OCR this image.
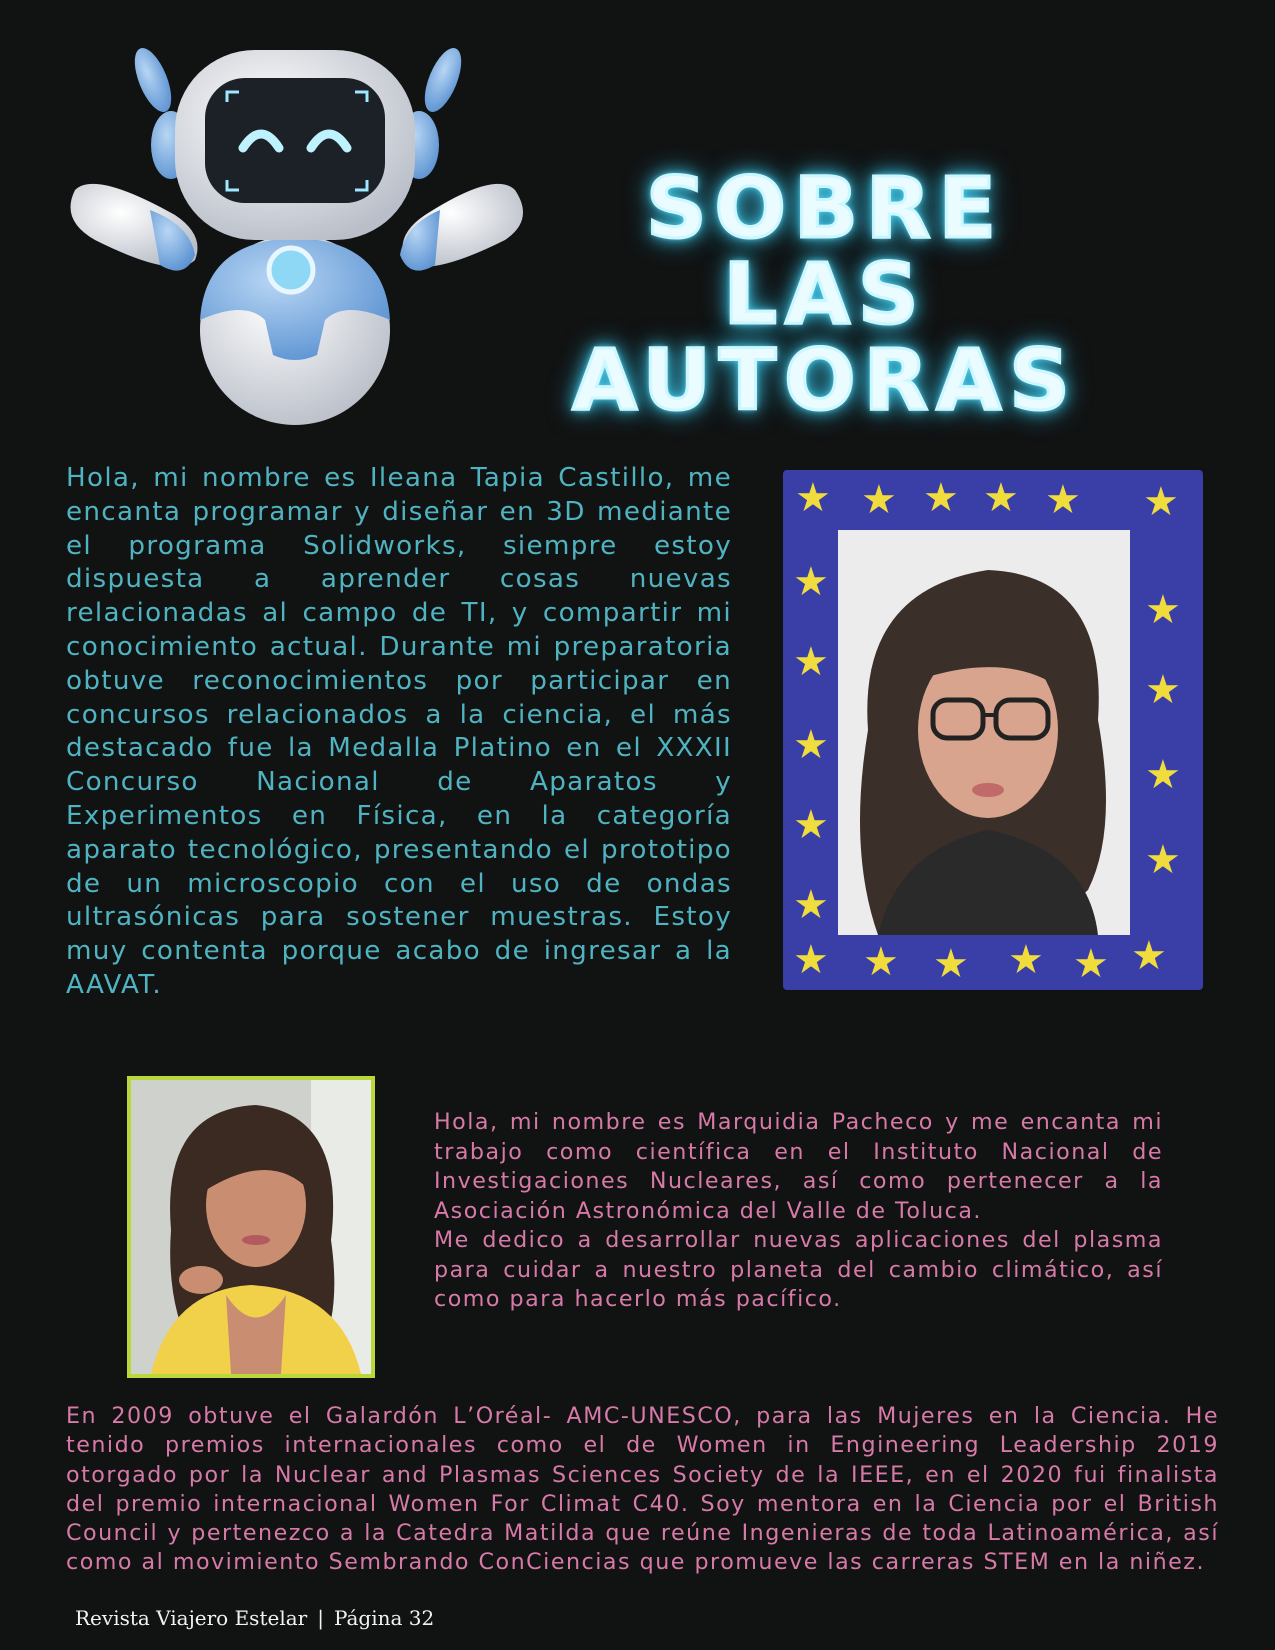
SOBRE LAS
AUTORAS

Hola, mi nombre es Ileana Tapia Castillo, me encanta programar y diseñar en 3D mediante el programa Solidworks, siempre estoy dispuesta a aprender cosas nuevas relacionadas al campo de TI, y compartir mi conocimiento actual. Durante mi preparatoria obtuve reconocimientos por participar en concursos relacionados a la ciencia, el más destacado fue la Medalla Platino en el XXXII Concurso Nacional de Aparatos y Experimentos en Física, en la categoría aparato tecnológico, presentando el prototipo de un microscopio con el uso de ondas ultrasónicas para sostener muestras. Estoy muy contenta porque acabo de ingresar a la AAVAT.

★ ★ ★ ★ ★ ★
★
★
★
★
★
★
★
★
★
★ ★ ★ ★ ★ ★

Hola, mi nombre es Marquidia Pacheco y me encanta mi trabajo como científica en el Instituto Nacional de Investigaciones Nucleares, así como pertenecer a la Asociación Astronómica del Valle de Toluca.

Me dedico a desarrollar nuevas aplicaciones del plasma para cuidar a nuestro planeta del cambio climático, así como para hacerlo más pacífico.

En 2009 obtuve el Galardón L’Oréal- AMC-UNESCO, para las Mujeres en la Ciencia. He tenido premios internacionales como el de Women in Engineering Leadership 2019 otorgado por la Nuclear and Plasmas Sciences Society de la IEEE, en el 2020 fui finalista del premio internacional Women For Climat C40. Soy mentora en la Ciencia por el British Council y pertenezco a la Catedra Matilda que reúne Ingenieras de toda Latinoamérica, así como al movimiento Sembrando ConCiencias que promueve las carreras STEM en la niñez.

Revista Viajero Estelar | Página 32
